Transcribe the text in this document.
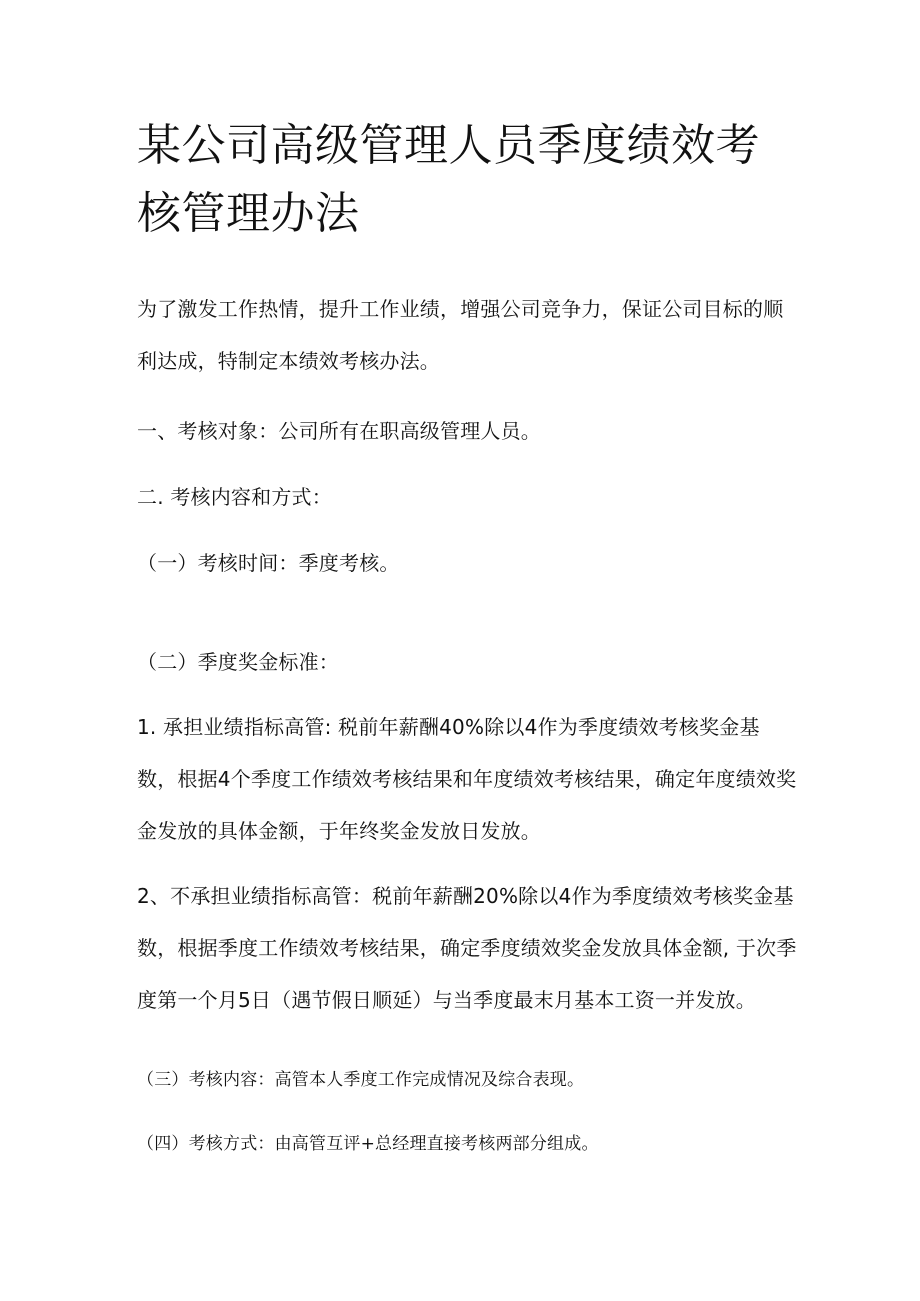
某公司高级管理人员季度绩效考核管理办法

为了激发工作热情，提升工作业绩，增强公司竞争力，保证公司目标的顺利达成，特制定本绩效考核办法。

一、考核对象：公司所有在职高级管理人员。

二. 考核内容和方式：

（一）考核时间：季度考核。

（二）季度奖金标准：

1. 承担业绩指标高管: 税前年薪酬40%除以4作为季度绩效考核奖金基数，根据4个季度工作绩效考核结果和年度绩效考核结果，确定年度绩效奖金发放的具体金额，于年终奖金发放日发放。

2、不承担业绩指标高管：税前年薪酬20%除以4作为季度绩效考核奖金基数，根据季度工作绩效考核结果，确定季度绩效奖金发放具体金额, 于次季度第一个月5日（遇节假日顺延）与当季度最末月基本工资一并发放。

（三）考核内容：高管本人季度工作完成情况及综合表现。

（四）考核方式：由高管互评+总经理直接考核两部分组成。
